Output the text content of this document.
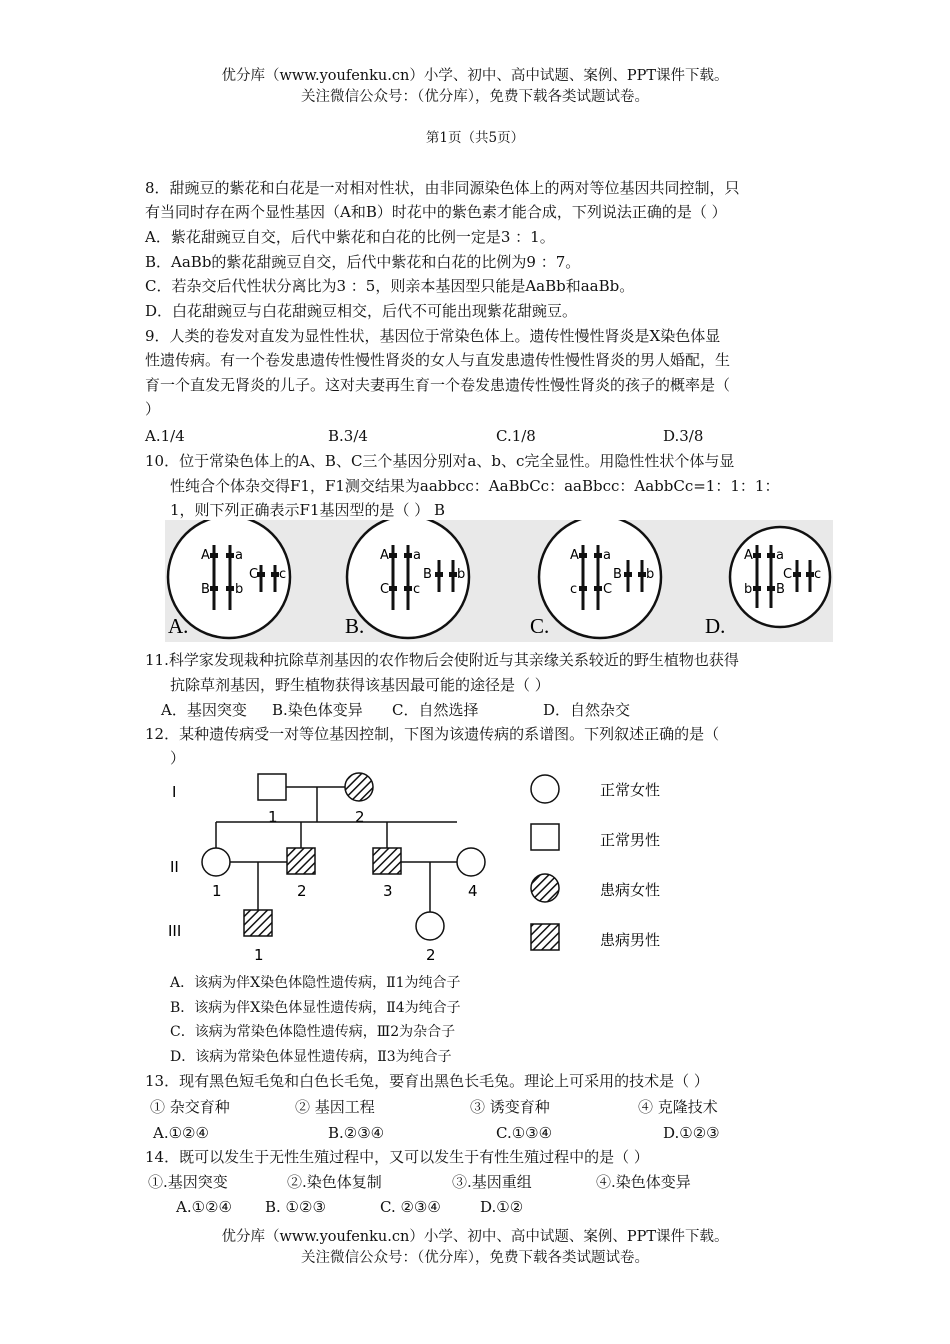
优分库（www.youfenku.cn）小学、初中、高中试题、案例、PPT课件下载。
关注微信公众号：（优分库），免费下载各类试题试卷。
第1页（共5页）
8．甜豌豆的紫花和白花是一对相对性状，由非同源染色体上的两对等位基因共同控制，只
有当同时存在两个显性基因（A和B）时花中的紫色素才能合成，下列说法正确的是（ ）
A．紫花甜豌豆自交，后代中紫花和白花的比例一定是3 ：1。
B．AaBb的紫花甜豌豆自交，后代中紫花和白花的比例为9 ：7。
C．若杂交后代性状分离比为3 ：5，则亲本基因型只能是AaBb和aaBb。
D．白花甜豌豆与白花甜豌豆相交，后代不可能出现紫花甜豌豆。
9．人类的卷发对直发为显性性状，基因位于常染色体上。遗传性慢性肾炎是X染色体显
性遗传病。有一个卷发患遗传性慢性肾炎的女人与直发患遗传性慢性肾炎的男人婚配，生
育一个直发无肾炎的儿子。这对夫妻再生育一个卷发患遗传性慢性肾炎的孩子的概率是（
）
A.1/4	B.3/4	C.1/8	D.3/8
10．位于常染色体上的A、B、C三个基因分别对a、b、c完全显性。用隐性性状个体与显
性纯合个体杂交得F1，F1测交结果为aabbcc：AaBbCc：aaBbcc：AabbCc=1：1：1：
1，则下列正确表示F1基因型的是（ ） B
A a
B b
C c
A.
A a
C c
B b
B.
A a
c C
B b
C.
A a
b B
C c
D.
11.科学家发现栽种抗除草剂基因的农作物后会使附近与其亲缘关系较近的野生植物也获得
抗除草剂基因，野生植物获得该基因最可能的途径是（ ）
A．基因突变 B.染色体变异 C．自然选择	D．自然杂交
12．某种遗传病受一对等位基因控制，下图为该遗传病的系谱图。下列叙述正确的是（
）
I
II
III
1	2
1	2	3	4
1	2
正常女性
正常男性
患病女性
患病男性
A．该病为伴X染色体隐性遗传病，Ⅱ1为纯合子
B．该病为伴X染色体显性遗传病，Ⅱ4为纯合子
C．该病为常染色体隐性遗传病，Ⅲ2为杂合子
D．该病为常染色体显性遗传病，Ⅱ3为纯合子
13．现有黑色短毛兔和白色长毛兔，要育出黑色长毛兔。理论上可采用的技术是（ ）
① 杂交育种	② 基因工程	③ 诱变育种	④ 克隆技术
A.①②④	B.②③④	C.①③④	D.①②③
14．既可以发生于无性生殖过程中，又可以发生于有性生殖过程中的是（ ）
①.基因突变	②.染色体复制	③.基因重组	④.染色体变异
A.①②④ B. ①②③	C. ②③④	D.①②
优分库（www.youfenku.cn）小学、初中、高中试题、案例、PPT课件下载。
关注微信公众号：（优分库），免费下载各类试题试卷。
